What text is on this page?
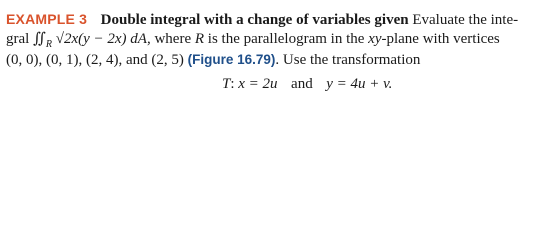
EXAMPLE 3 Double integral with a change of variables given Evaluate the inte-
gral $∬_R$ √2x(y − 2x) dA, where R is the parallelogram in the xy-plane with vertices
(0, 0), (0, 1), (2, 4), and (2, 5) (Figure 16.79). Use the transformation
T: x = 2u and y = 4u + v.
